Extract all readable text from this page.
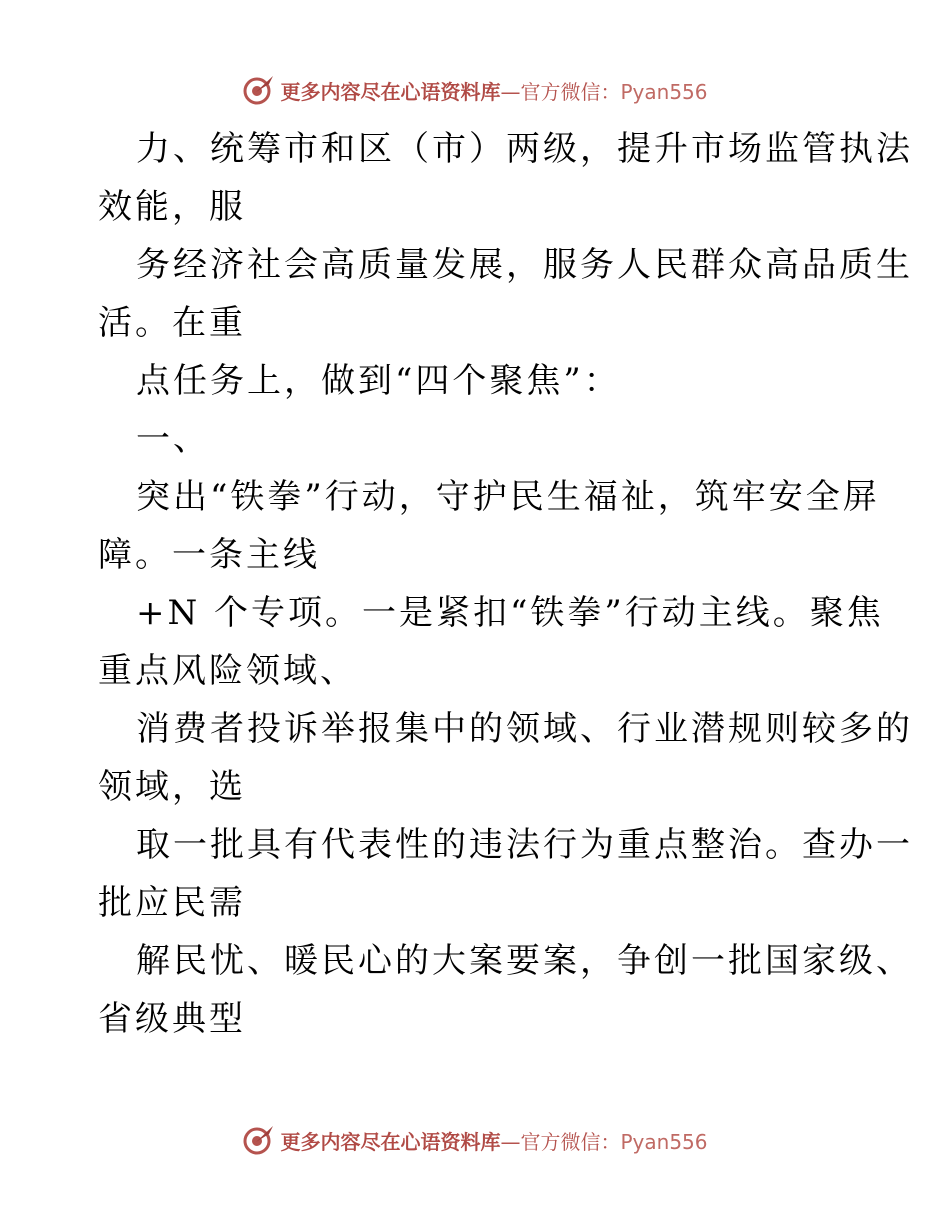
更多内容尽在心语资料库—官方微信：Pyan556
力、统筹市和区（市）两级，提升市场监管执法
效能，服
务经济社会高质量发展，服务人民群众高品质生
活。在重
点任务上，做到“四个聚焦”：
一、
突出“铁拳”行动，守护民生福祉，筑牢安全屏
障。一条主线
+N 个专项。一是紧扣“铁拳”行动主线。聚焦
重点风险领域、
消费者投诉举报集中的领域、行业潜规则较多的
领域，选
取一批具有代表性的违法行为重点整治。查办一
批应民需
解民忧、暖民心的大案要案，争创一批国家级、
省级典型
更多内容尽在心语资料库—官方微信：Pyan556
